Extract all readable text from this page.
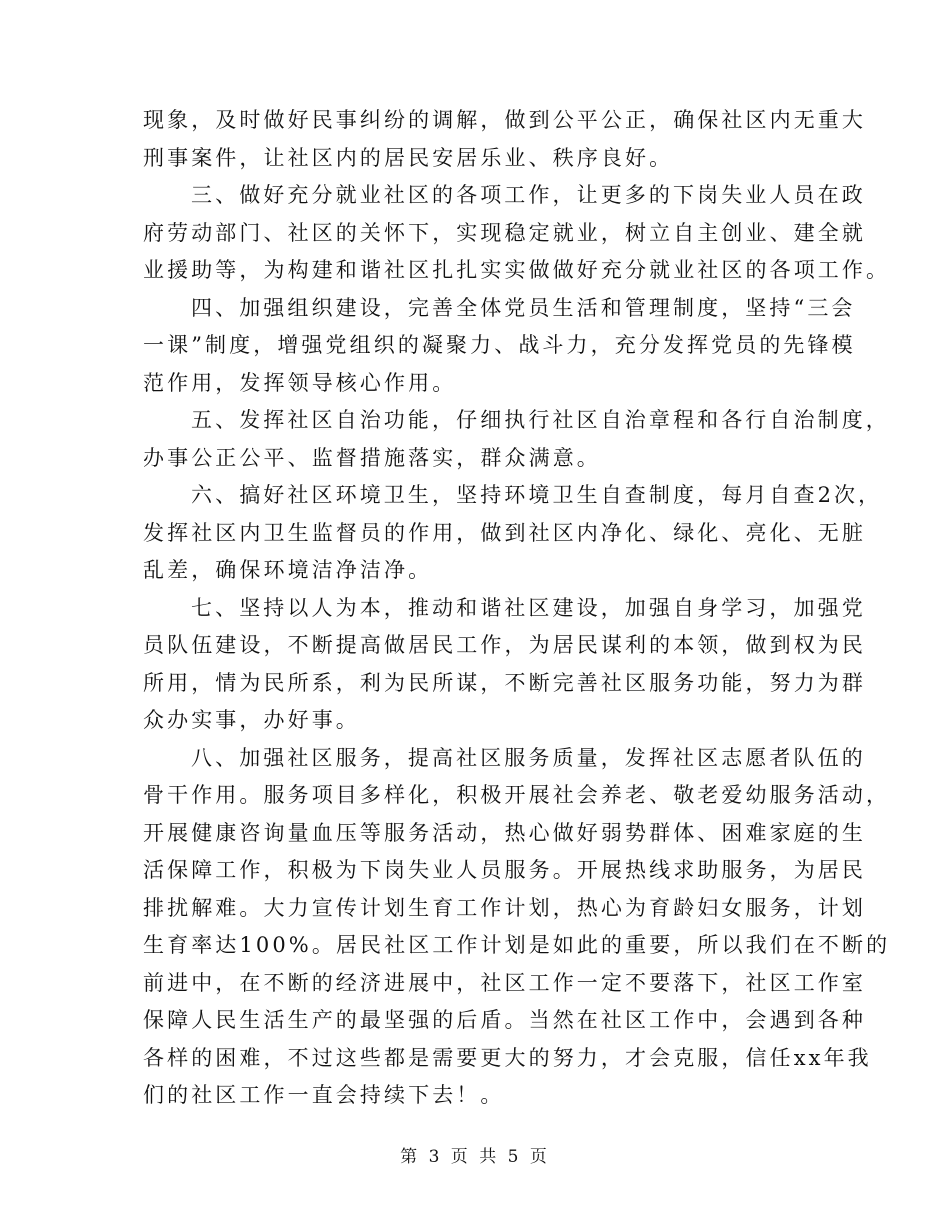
现象，及时做好民事纠纷的调解，做到公平公正，确保社区内无重大
刑事案件，让社区内的居民安居乐业、秩序良好。
三、做好充分就业社区的各项工作，让更多的下岗失业人员在政
府劳动部门、社区的关怀下，实现稳定就业，树立自主创业、建全就
业援助等，为构建和谐社区扎扎实实做做好充分就业社区的各项工作。
四、加强组织建设，完善全体党员生活和管理制度，坚持“三会
一课”制度，增强党组织的凝聚力、战斗力，充分发挥党员的先锋模
范作用，发挥领导核心作用。
五、发挥社区自治功能，仔细执行社区自治章程和各行自治制度，
办事公正公平、监督措施落实，群众满意。
六、搞好社区环境卫生，坚持环境卫生自查制度，每月自查2次，
发挥社区内卫生监督员的作用，做到社区内净化、绿化、亮化、无脏
乱差，确保环境洁净洁净。
七、坚持以人为本，推动和谐社区建设，加强自身学习，加强党
员队伍建设，不断提高做居民工作，为居民谋利的本领，做到权为民
所用，情为民所系，利为民所谋，不断完善社区服务功能，努力为群
众办实事，办好事。
八、加强社区服务，提高社区服务质量，发挥社区志愿者队伍的
骨干作用。服务项目多样化，积极开展社会养老、敬老爱幼服务活动，
开展健康咨询量血压等服务活动，热心做好弱势群体、困难家庭的生
活保障工作，积极为下岗失业人员服务。开展热线求助服务，为居民
排扰解难。大力宣传计划生育工作计划，热心为育龄妇女服务，计划
生育率达100%。居民社区工作计划是如此的重要，所以我们在不断的
前进中，在不断的经济进展中，社区工作一定不要落下，社区工作室
保障人民生活生产的最坚强的后盾。当然在社区工作中，会遇到各种
各样的困难，不过这些都是需要更大的努力，才会克服，信任xx年我
们的社区工作一直会持续下去！。
第 3 页 共 5 页
